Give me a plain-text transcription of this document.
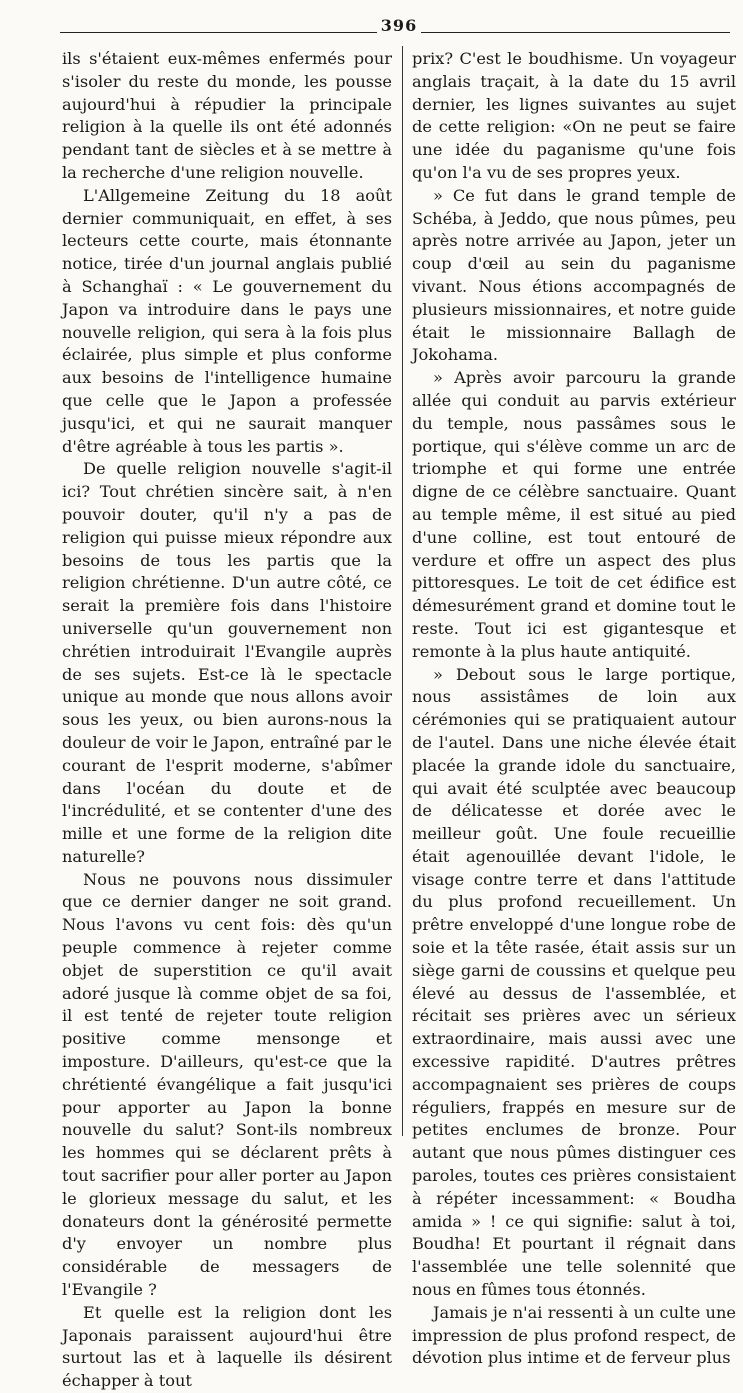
396

ils s'étaient eux-mêmes enfermés pour s'isoler du reste du monde, les pousse aujourd'hui à répudier la principale religion à la quelle ils ont été adonnés pendant tant de siècles et à se mettre à la recherche d'une religion nouvelle.

L'Allgemeine Zeitung du 18 août dernier communiquait, en effet, à ses lecteurs cette courte, mais étonnante notice, tirée d'un journal anglais publié à Schanghaï : « Le gouvernement du Japon va introduire dans le pays une nouvelle religion, qui sera à la fois plus éclairée, plus simple et plus conforme aux besoins de l'intelligence humaine que celle que le Japon a professée jusqu'ici, et qui ne saurait manquer d'être agréable à tous les partis ».

De quelle religion nouvelle s'agit-il ici? Tout chrétien sincère sait, à n'en pouvoir douter, qu'il n'y a pas de religion qui puisse mieux répondre aux besoins de tous les partis que la religion chrétienne. D'un autre côté, ce serait la première fois dans l'histoire universelle qu'un gouvernement non chrétien introduirait l'Evangile auprès de ses sujets. Est-ce là le spectacle unique au monde que nous allons avoir sous les yeux, ou bien aurons-nous la douleur de voir le Japon, entraîné par le courant de l'esprit moderne, s'abîmer dans l'océan du doute et de l'incrédulité, et se contenter d'une des mille et une forme de la religion dite naturelle?

Nous ne pouvons nous dissimuler que ce dernier danger ne soit grand. Nous l'avons vu cent fois: dès qu'un peuple commence à rejeter comme objet de superstition ce qu'il avait adoré jusque là comme objet de sa foi, il est tenté de rejeter toute religion positive comme mensonge et imposture. D'ailleurs, qu'est-ce que la chrétienté évangélique a fait jusqu'ici pour apporter au Japon la bonne nouvelle du salut? Sont-ils nombreux les hommes qui se déclarent prêts à tout sacrifier pour aller porter au Japon le glorieux message du salut, et les donateurs dont la générosité permette d'y envoyer un nombre plus considérable de messagers de l'Evangile ?

Et quelle est la religion dont les Japonais paraissent aujourd'hui être surtout las et à laquelle ils désirent échapper à tout

prix? C'est le boudhisme. Un voyageur anglais traçait, à la date du 15 avril dernier, les lignes suivantes au sujet de cette religion: «On ne peut se faire une idée du paganisme qu'une fois qu'on l'a vu de ses propres yeux.

» Ce fut dans le grand temple de Schéba, à Jeddo, que nous pûmes, peu après notre arrivée au Japon, jeter un coup d'œil au sein du paganisme vivant. Nous étions accompagnés de plusieurs missionnaires, et notre guide était le missionnaire Ballagh de Jokohama.

» Après avoir parcouru la grande allée qui conduit au parvis extérieur du temple, nous passâmes sous le portique, qui s'élève comme un arc de triomphe et qui forme une entrée digne de ce célèbre sanctuaire. Quant au temple même, il est situé au pied d'une colline, est tout entouré de verdure et offre un aspect des plus pittoresques. Le toit de cet édifice est démesurément grand et domine tout le reste. Tout ici est gigantesque et remonte à la plus haute antiquité.

» Debout sous le large portique, nous assistâmes de loin aux cérémonies qui se pratiquaient autour de l'autel. Dans une niche élevée était placée la grande idole du sanctuaire, qui avait été sculptée avec beaucoup de délicatesse et dorée avec le meilleur goût. Une foule recueillie était agenouillée devant l'idole, le visage contre terre et dans l'attitude du plus profond recueillement. Un prêtre enveloppé d'une longue robe de soie et la tête rasée, était assis sur un siège garni de coussins et quelque peu élevé au dessus de l'assemblée, et récitait ses prières avec un sérieux extraordinaire, mais aussi avec une excessive rapidité. D'autres prêtres accompagnaient ses prières de coups réguliers, frappés en mesure sur de petites enclumes de bronze. Pour autant que nous pûmes distinguer ces paroles, toutes ces prières consistaient à répéter incessamment: « Boudha amida » ! ce qui signifie: salut à toi, Boudha! Et pourtant il régnait dans l'assemblée une telle solennité que nous en fûmes tous étonnés.

Jamais je n'ai ressenti à un culte une impression de plus profond respect, de dévotion plus intime et de ferveur plus
